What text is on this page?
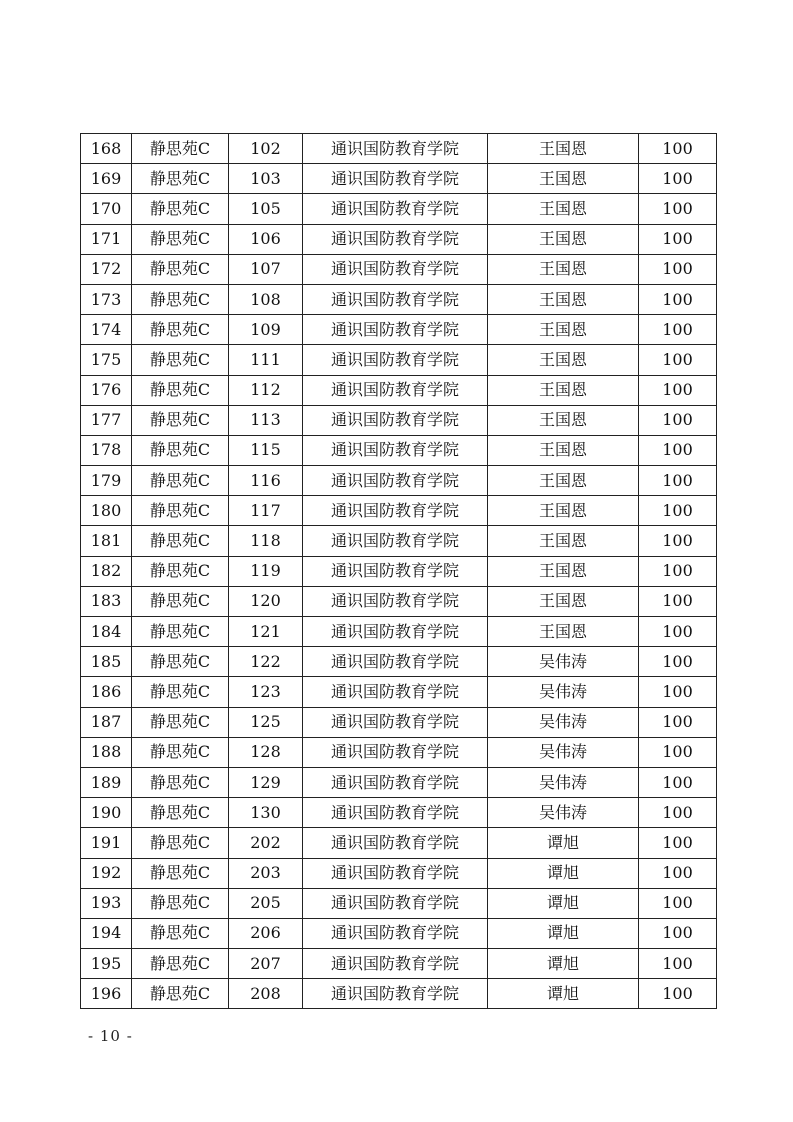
168	静思苑C	102	通识国防教育学院	王国恩	100
169	静思苑C	103	通识国防教育学院	王国恩	100
170	静思苑C	105	通识国防教育学院	王国恩	100
171	静思苑C	106	通识国防教育学院	王国恩	100
172	静思苑C	107	通识国防教育学院	王国恩	100
173	静思苑C	108	通识国防教育学院	王国恩	100
174	静思苑C	109	通识国防教育学院	王国恩	100
175	静思苑C	111	通识国防教育学院	王国恩	100
176	静思苑C	112	通识国防教育学院	王国恩	100
177	静思苑C	113	通识国防教育学院	王国恩	100
178	静思苑C	115	通识国防教育学院	王国恩	100
179	静思苑C	116	通识国防教育学院	王国恩	100
180	静思苑C	117	通识国防教育学院	王国恩	100
181	静思苑C	118	通识国防教育学院	王国恩	100
182	静思苑C	119	通识国防教育学院	王国恩	100
183	静思苑C	120	通识国防教育学院	王国恩	100
184	静思苑C	121	通识国防教育学院	王国恩	100
185	静思苑C	122	通识国防教育学院	吴伟涛	100
186	静思苑C	123	通识国防教育学院	吴伟涛	100
187	静思苑C	125	通识国防教育学院	吴伟涛	100
188	静思苑C	128	通识国防教育学院	吴伟涛	100
189	静思苑C	129	通识国防教育学院	吴伟涛	100
190	静思苑C	130	通识国防教育学院	吴伟涛	100
191	静思苑C	202	通识国防教育学院	谭旭	100
192	静思苑C	203	通识国防教育学院	谭旭	100
193	静思苑C	205	通识国防教育学院	谭旭	100
194	静思苑C	206	通识国防教育学院	谭旭	100
195	静思苑C	207	通识国防教育学院	谭旭	100
196	静思苑C	208	通识国防教育学院	谭旭	100
- 10 -
